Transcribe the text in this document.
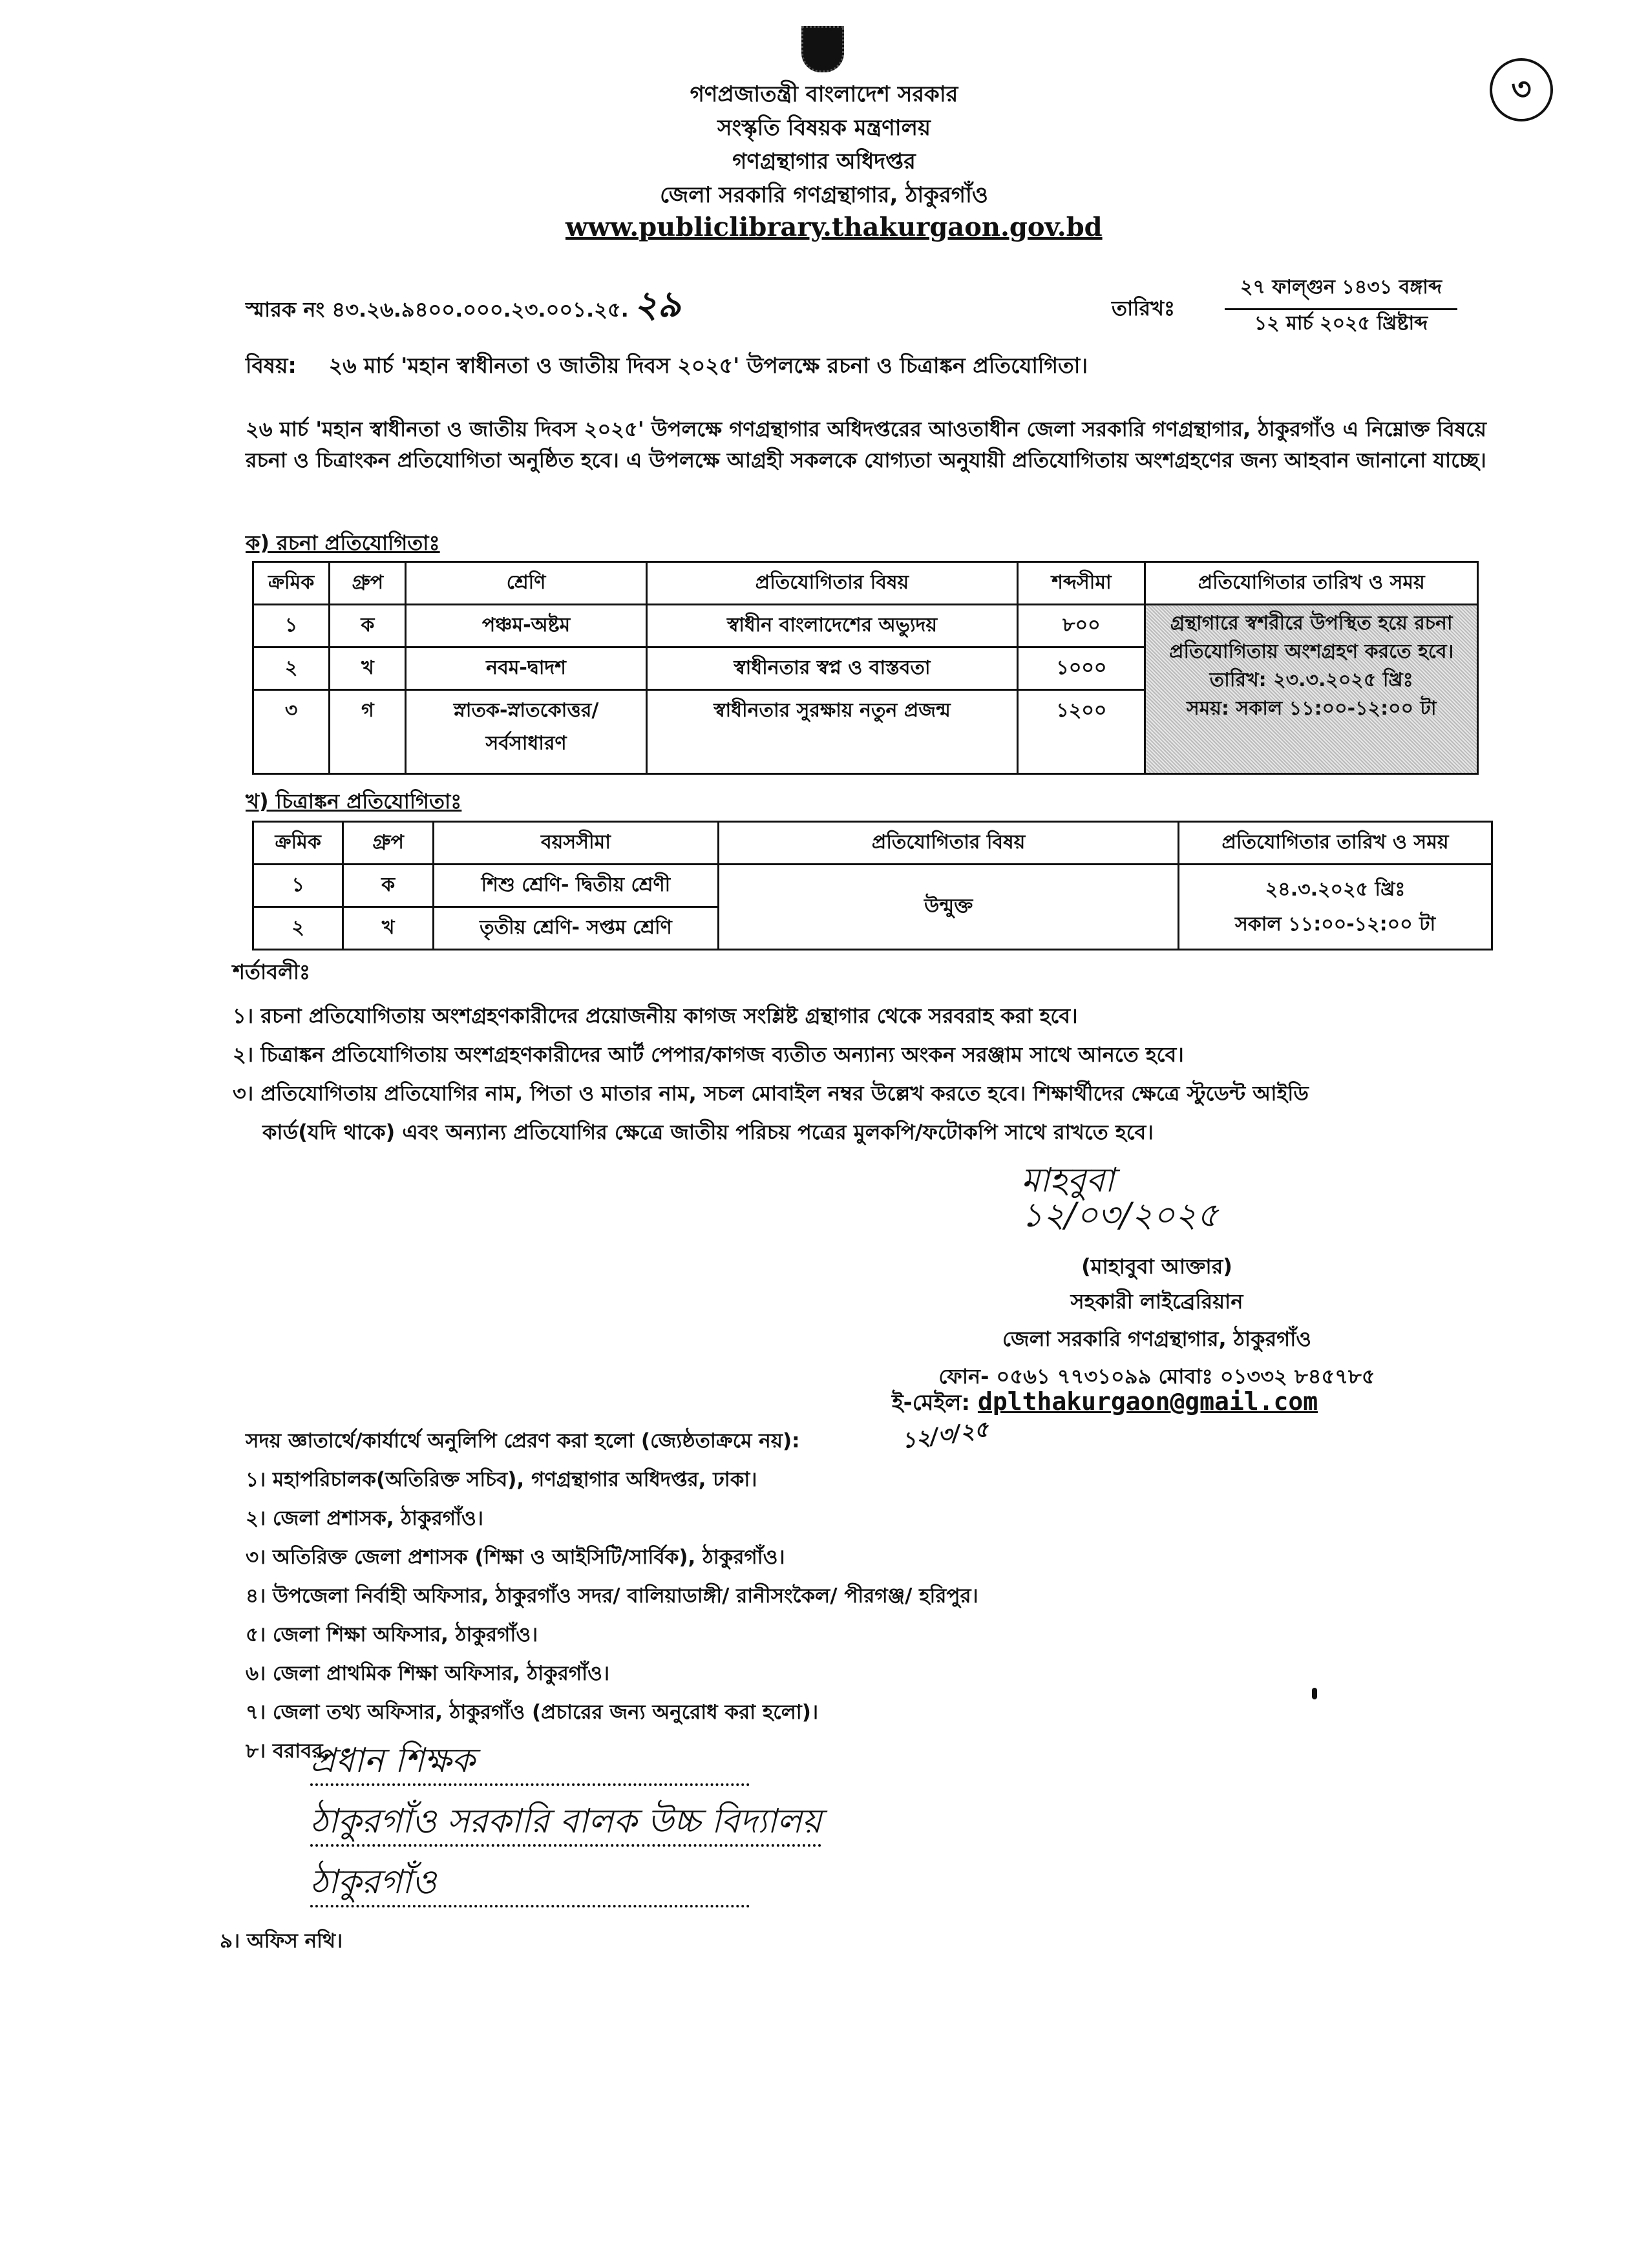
৩
গণপ্রজাতন্ত্রী বাংলাদেশ সরকার
সংস্কৃতি বিষয়ক মন্ত্রণালয়
গণগ্রন্থাগার অধিদপ্তর
জেলা সরকারি গণগ্রন্থাগার, ঠাকুরগাঁও
www.publiclibrary.thakurgaon.gov.bd
স্মারক নং ৪৩.২৬.৯৪০০.০০০.২৩.০০১.২৫. ২৯	তারিখঃ
২৭ ফাল্গুন ১৪৩১ বঙ্গাব্দ
১২ মার্চ ২০২৫ খ্রিষ্টাব্দ
বিষয়: ২৬ মার্চ 'মহান স্বাধীনতা ও জাতীয় দিবস ২০২৫' উপলক্ষে রচনা ও চিত্রাঙ্কন প্রতিযোগিতা।
২৬ মার্চ 'মহান স্বাধীনতা ও জাতীয় দিবস ২০২৫' উপলক্ষে গণগ্রন্থাগার অধিদপ্তরের আওতাধীন জেলা সরকারি গণগ্রন্থাগার, ঠাকুরগাঁও এ নিম্নোক্ত বিষয়ে রচনা ও চিত্রাংকন প্রতিযোগিতা অনুষ্ঠিত হবে। এ উপলক্ষে আগ্রহী সকলকে যোগ্যতা অনুযায়ী প্রতিযোগিতায় অংশগ্রহণের জন্য আহবান জানানো যাচ্ছে।
ক) রচনা প্রতিযোগিতাঃ
ক্রমিক	গ্রুপ	শ্রেণি	প্রতিযোগিতার বিষয়	শব্দসীমা	প্রতিযোগিতার তারিখ ও সময়
১	ক	পঞ্চম-অষ্টম	স্বাধীন বাংলাদেশের অভ্যুদয়	৮০০	গ্রন্থাগারে স্বশরীরে উপস্থিত হয়ে রচনা প্রতিযোগিতায় অংশগ্রহণ করতে হবে।
তারিখ: ২৩.৩.২০২৫ খ্রিঃ
সময়: সকাল ১১:০০-১২:০০ টা

২	খ	নবম-দ্বাদশ	স্বাধীনতার স্বপ্ন ও বাস্তবতা	১০০০	
৩	গ	স্নাতক-স্নাতকোত্তর/ সর্বসাধারণ	স্বাধীনতার সুরক্ষায় নতুন প্রজন্ম	১২০০	
খ) চিত্রাঙ্কন প্রতিযোগিতাঃ
ক্রমিক	গ্রুপ	বয়সসীমা	প্রতিযোগিতার বিষয়	প্রতিযোগিতার তারিখ ও সময়
১	ক	শিশু শ্রেণি- দ্বিতীয় শ্রেণী	উন্মুক্ত	২৪.৩.২০২৫ খ্রিঃ
সকাল ১১:০০-১২:০০ টা

২	খ	তৃতীয় শ্রেণি- সপ্তম শ্রেণি		

শর্তাবলীঃ

১। রচনা প্রতিযোগিতায় অংশগ্রহণকারীদের প্রয়োজনীয় কাগজ সংশ্লিষ্ট গ্রন্থাগার থেকে সরবরাহ করা হবে।

২। চিত্রাঙ্কন প্রতিযোগিতায় অংশগ্রহণকারীদের আর্ট পেপার/কাগজ ব্যতীত অন্যান্য অংকন সরঞ্জাম সাথে আনতে হবে।

৩। প্রতিযোগিতায় প্রতিযোগির নাম, পিতা ও মাতার নাম, সচল মোবাইল নম্বর উল্লেখ করতে হবে। শিক্ষার্থীদের ক্ষেত্রে স্টুডেন্ট আইডি

কার্ড(যদি থাকে) এবং অন্যান্য প্রতিযোগির ক্ষেত্রে জাতীয় পরিচয় পত্রের মুলকপি/ফটোকপি সাথে রাখতে হবে।

মাহবুবা
১২/০৩/২০২৫
(মাহাবুবা আক্তার)
সহকারী লাইব্রেরিয়ান
জেলা সরকারি গণগ্রন্থাগার, ঠাকুরগাঁও
ফোন- ০৫৬১ ৭৭৩১০৯৯ মোবাঃ ০১৩৩২ ৮৪৫৭৮৫
ই-মেইল: dplthakurgaon@gmail.com
১২/৩/২৫

সদয় জ্ঞাতার্থে/কার্যার্থে অনুলিপি প্রেরণ করা হলো (জ্যেষ্ঠতাক্রমে নয়):

১। মহাপরিচালক(অতিরিক্ত সচিব), গণগ্রন্থাগার অধিদপ্তর, ঢাকা।

২। জেলা প্রশাসক, ঠাকুরগাঁও।

৩। অতিরিক্ত জেলা প্রশাসক (শিক্ষা ও আইসিটি/সার্বিক), ঠাকুরগাঁও।

৪। উপজেলা নির্বাহী অফিসার, ঠাকুরগাঁও সদর/ বালিয়াডাঙ্গী/ রানীসংকৈল/ পীরগঞ্জ/ হরিপুর।

৫। জেলা শিক্ষা অফিসার, ঠাকুরগাঁও।

৬। জেলা প্রাথমিক শিক্ষা অফিসার, ঠাকুরগাঁও।

৭। জেলা তথ্য অফিসার, ঠাকুরগাঁও (প্রচারের জন্য অনুরোধ করা হলো)।

৮। বরাবর,

প্রধান শিক্ষক
ঠাকুরগাঁও সরকারি বালক উচ্চ বিদ্যালয়
ঠাকুরগাঁও
৯। অফিস নথি।
